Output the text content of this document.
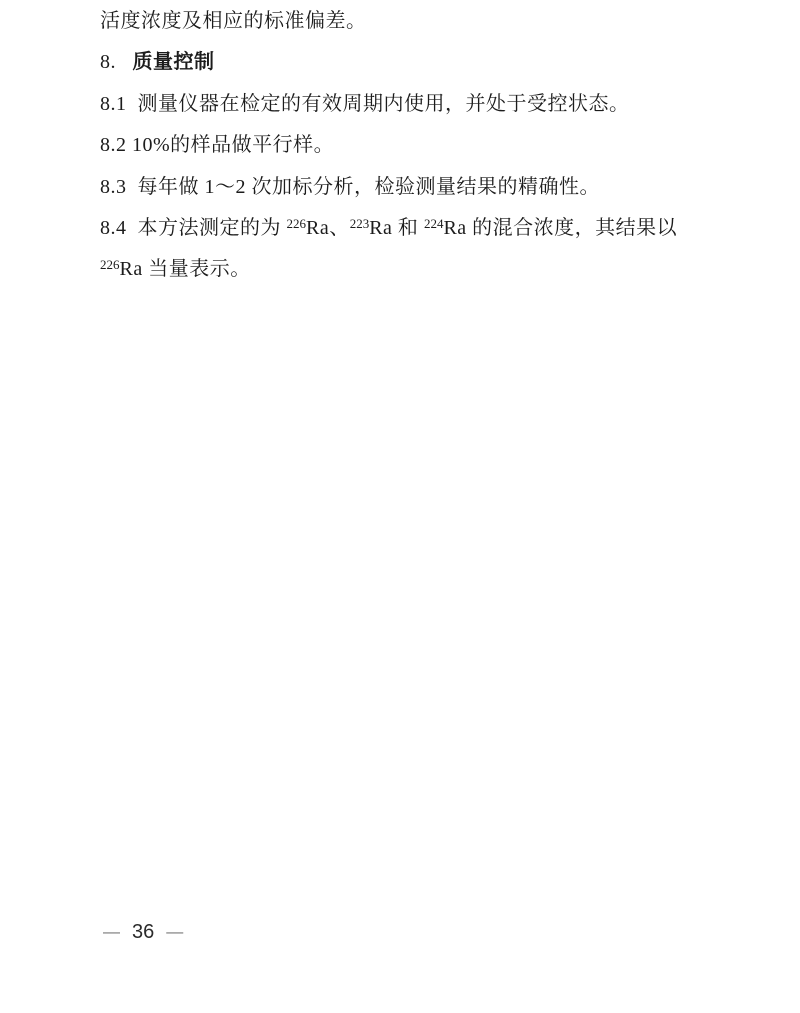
活度浓度及相应的标准偏差。

8.   质量控制

8.1  测量仪器在检定的有效周期内使用，并处于受控状态。

8.2 10%的样品做平行样。

8.3  每年做 1～2 次加标分析，检验测量结果的精确性。

8.4  本方法测定的为 $^{226}$Ra、$^{223}$Ra 和 $^{224}$Ra 的混合浓度，其结果以

$^{226}$Ra 当量表示。

— 36 —
